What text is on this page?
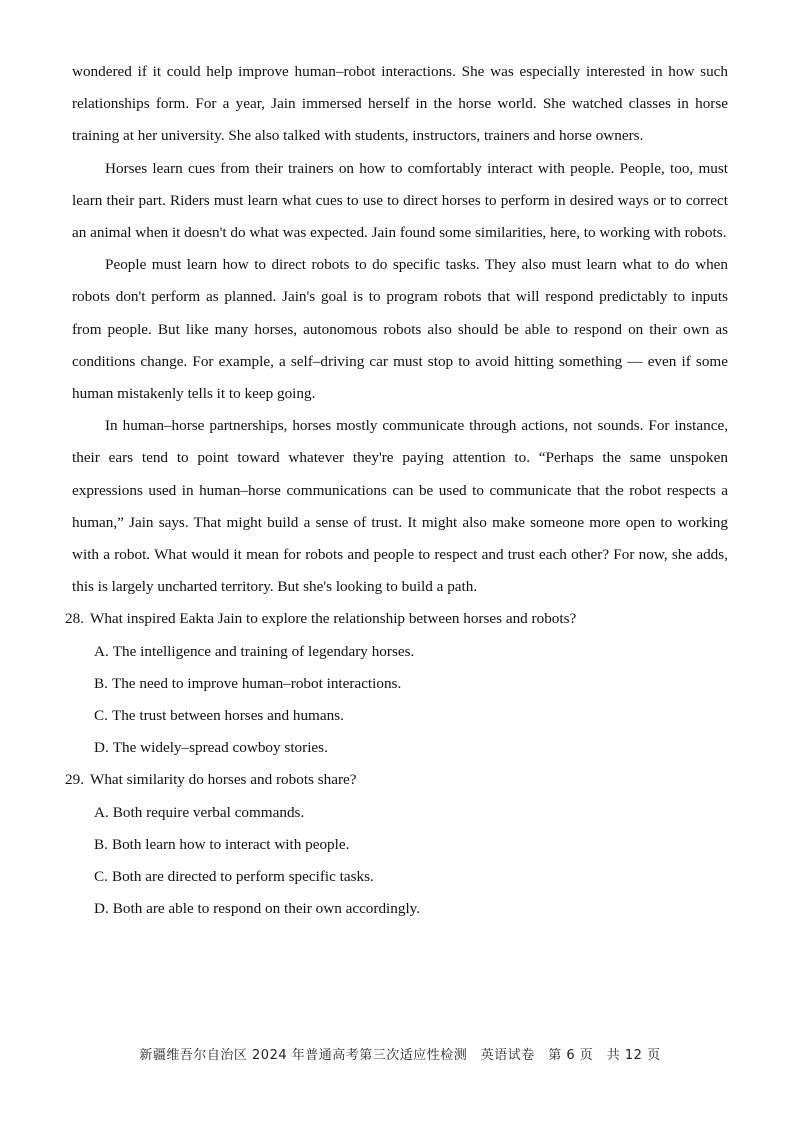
wondered if it could help improve human–robot interactions. She was especially interested in how such relationships form. For a year, Jain immersed herself in the horse world. She watched classes in horse training at her university. She also talked with students, instructors, trainers and horse owners.

Horses learn cues from their trainers on how to comfortably interact with people. People, too, must learn their part. Riders must learn what cues to use to direct horses to perform in desired ways or to correct an animal when it doesn't do what was expected. Jain found some similarities, here, to working with robots.

People must learn how to direct robots to do specific tasks. They also must learn what to do when robots don't perform as planned. Jain's goal is to program robots that will respond predictably to inputs from people. But like many horses, autonomous robots also should be able to respond on their own as conditions change. For example, a self–driving car must stop to avoid hitting something — even if some human mistakenly tells it to keep going.

In human–horse partnerships, horses mostly communicate through actions, not sounds. For instance, their ears tend to point toward whatever they're paying attention to. “Perhaps the same unspoken expressions used in human–horse communications can be used to communicate that the robot respects a human,” Jain says. That might build a sense of trust. It might also make someone more open to working with a robot. What would it mean for robots and people to respect and trust each other? For now, she adds, this is largely uncharted territory. But she's looking to build a path.

28. What inspired Eakta Jain to explore the relationship between horses and robots?

A. The intelligence and training of legendary horses.

B. The need to improve human–robot interactions.

C. The trust between horses and humans.

D. The widely–spread cowboy stories.

29. What similarity do horses and robots share?

A. Both require verbal commands.

B. Both learn how to interact with people.

C. Both are directed to perform specific tasks.

D. Both are able to respond on their own accordingly.

新疆维吾尔自治区 2024 年普通高考第三次适应性检测　英语试卷　第 6 页　共 12 页
